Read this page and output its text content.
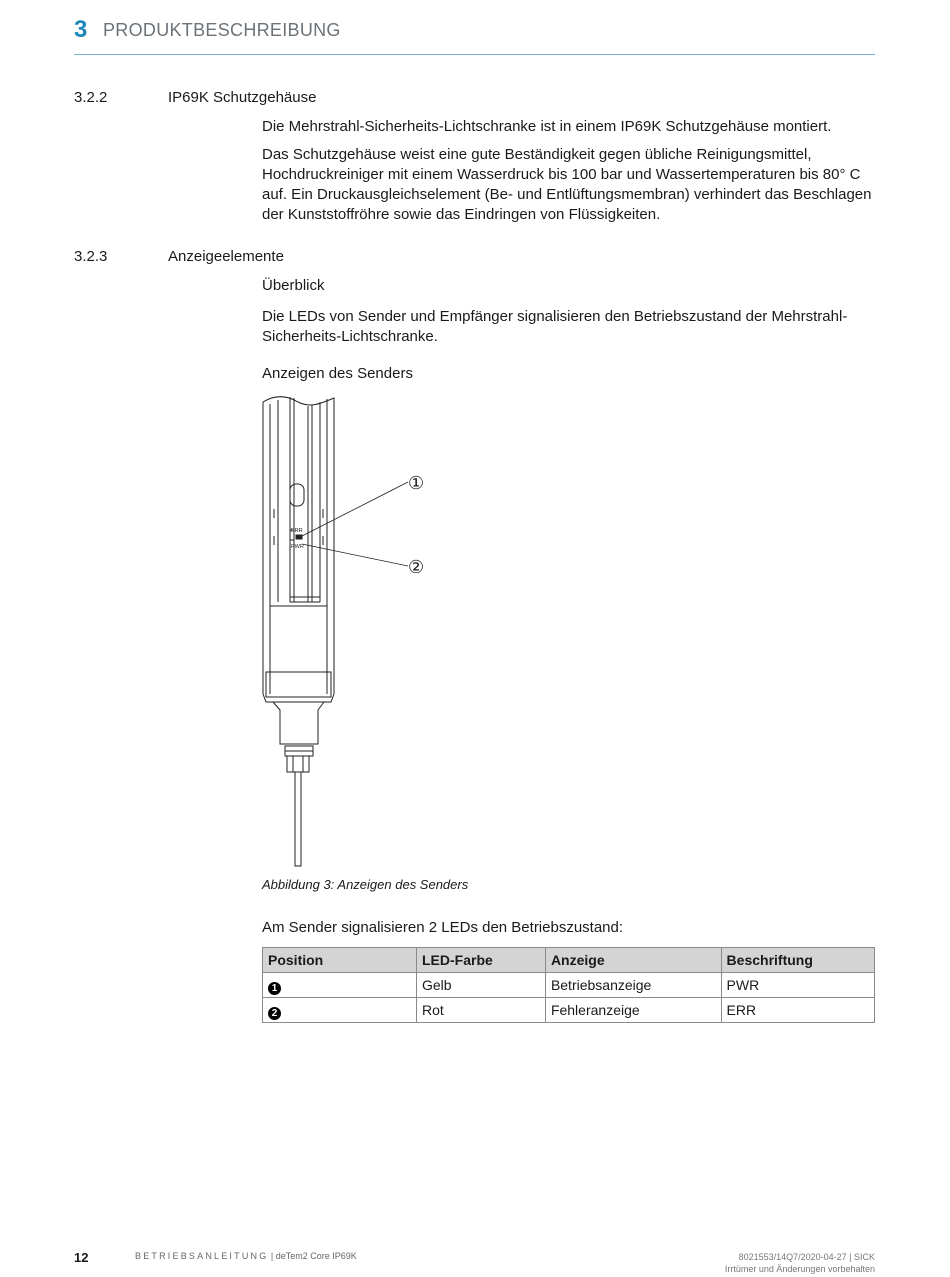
3 PRODUKTBESCHREIBUNG
3.2.2	IP69K Schutzgehäuse

Die Mehrstrahl-Sicherheits-Lichtschranke ist in einem IP69K Schutzgehäuse montiert.

Das Schutzgehäuse weist eine gute Beständigkeit gegen übliche Reinigungsmittel, Hochdruckreiniger mit einem Wasserdruck bis 100 bar und Wassertemperaturen bis 80° C auf. Ein Druckausgleichselement (Be- und Entlüftungsmembran) verhindert das Beschlagen der Kunststoffröhre sowie das Eindringen von Flüssigkeiten.

3.2.3	Anzeigeelemente
Überblick

Die LEDs von Sender und Empfänger signalisieren den Betriebszustand der Mehrstrahl-Sicherheits-Lichtschranke.

Anzeigen des Senders
ERR
PWR
①
②
Abbildung 3: Anzeigen des Senders
Am Sender signalisieren 2 LEDs den Betriebszustand:
Position	LED-Farbe	Anzeige	Beschriftung
1	Gelb	Betriebsanzeige	PWR
2	Rot	Fehleranzeige	ERR
12	BETRIEBSANLEITUNG | deTem2 Core IP69K	8021553/14Q7/2020-04-27 | SICK
Irrtümer und Änderungen vorbehalten
